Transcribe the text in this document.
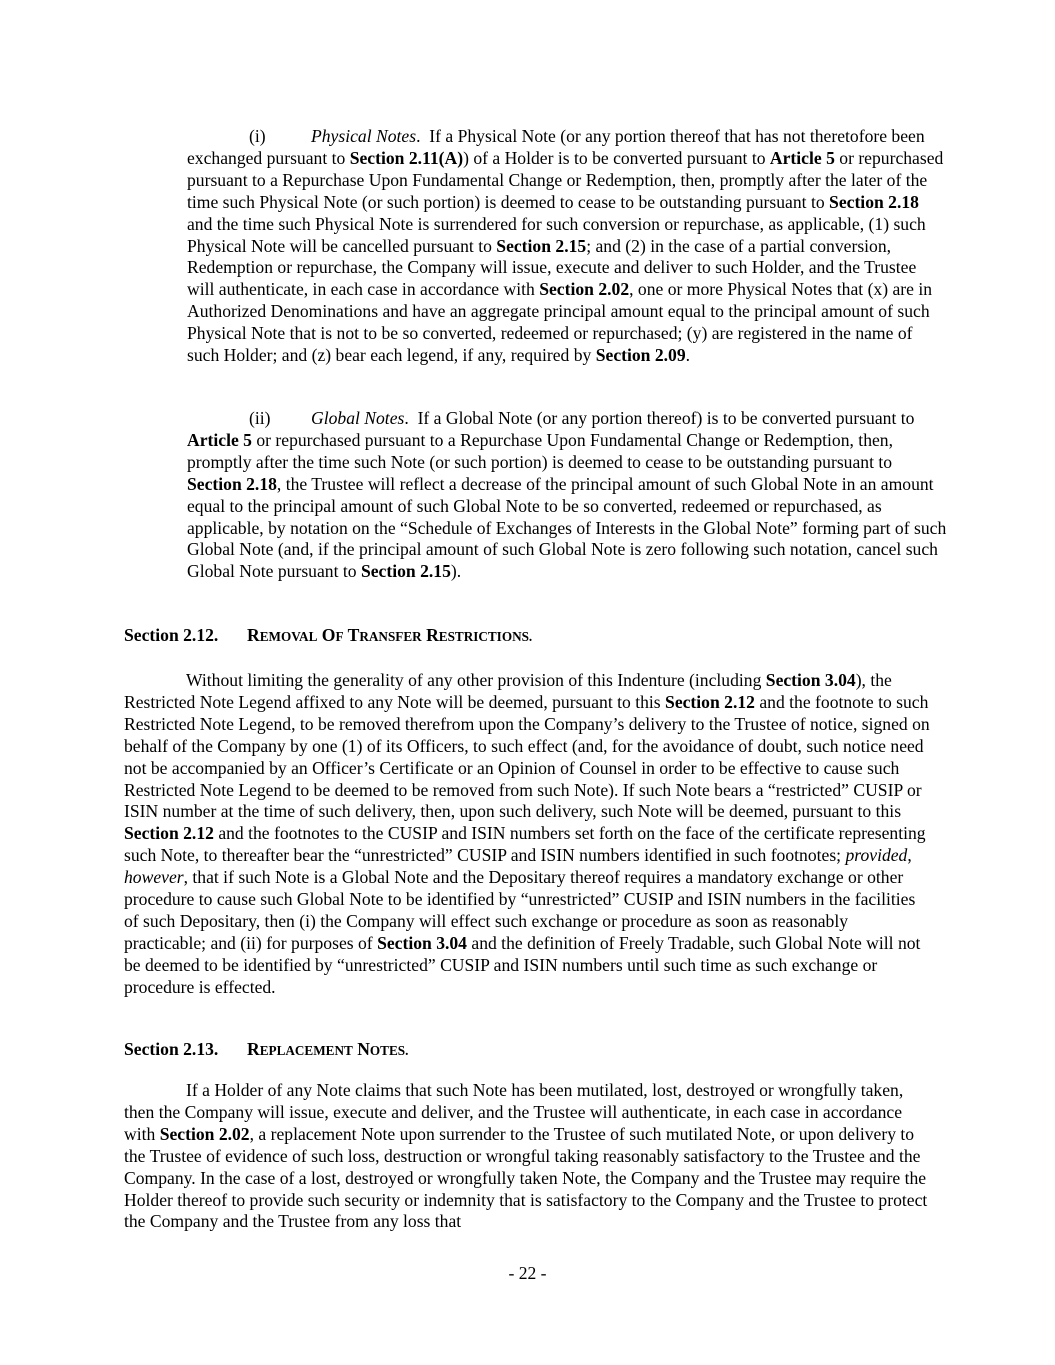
(i)	Physical Notes.  If a Physical Note (or any portion thereof that has not theretofore been exchanged pursuant to Section 2.11(A)) of a Holder is to be converted pursuant to Article 5 or repurchased pursuant to a Repurchase Upon Fundamental Change or Redemption, then, promptly after the later of the time such Physical Note (or such portion) is deemed to cease to be outstanding pursuant to Section 2.18 and the time such Physical Note is surrendered for such conversion or repurchase, as applicable, (1) such Physical Note will be cancelled pursuant to Section 2.15; and (2) in the case of a partial conversion, Redemption or repurchase, the Company will issue, execute and deliver to such Holder, and the Trustee will authenticate, in each case in accordance with Section 2.02, one or more Physical Notes that (x) are in Authorized Denominations and have an aggregate principal amount equal to the principal amount of such Physical Note that is not to be so converted, redeemed or repurchased; (y) are registered in the name of such Holder; and (z) bear each legend, if any, required by Section 2.09.

(ii) Global Notes.  If a Global Note (or any portion thereof) is to be converted pursuant to Article 5 or repurchased pursuant to a Repurchase Upon Fundamental Change or Redemption, then, promptly after the time such Note (or such portion) is deemed to cease to be outstanding pursuant to Section 2.18, the Trustee will reflect a decrease of the principal amount of such Global Note in an amount equal to the principal amount of such Global Note to be so converted, redeemed or repurchased, as applicable, by notation on the “Schedule of Exchanges of Interests in the Global Note” forming part of such Global Note (and, if the principal amount of such Global Note is zero following such notation, cancel such Global Note pursuant to Section 2.15).

Section 2.12. REMOVAL OF TRANSFER RESTRICTIONS.

Without limiting the generality of any other provision of this Indenture (including Section 3.04), the Restricted Note Legend affixed to any Note will be deemed, pursuant to this Section 2.12 and the footnote to such Restricted Note Legend, to be removed therefrom upon the Company’s delivery to the Trustee of notice, signed on behalf of the Company by one (1) of its Officers, to such effect (and, for the avoidance of doubt, such notice need not be accompanied by an Officer’s Certificate or an Opinion of Counsel in order to be effective to cause such Restricted Note Legend to be deemed to be removed from such Note). If such Note bears a “restricted” CUSIP or ISIN number at the time of such delivery, then, upon such delivery, such Note will be deemed, pursuant to this Section 2.12 and the footnotes to the CUSIP and ISIN numbers set forth on the face of the certificate representing such Note, to thereafter bear the “unrestricted” CUSIP and ISIN numbers identified in such footnotes; provided, however, that if such Note is a Global Note and the Depositary thereof requires a mandatory exchange or other procedure to cause such Global Note to be identified by “unrestricted” CUSIP and ISIN numbers in the facilities of such Depositary, then (i) the Company will effect such exchange or procedure as soon as reasonably practicable; and (ii) for purposes of Section 3.04 and the definition of Freely Tradable, such Global Note will not be deemed to be identified by “unrestricted” CUSIP and ISIN numbers until such time as such exchange or procedure is effected.

Section 2.13. REPLACEMENT NOTES.

If a Holder of any Note claims that such Note has been mutilated, lost, destroyed or wrongfully taken, then the Company will issue, execute and deliver, and the Trustee will authenticate, in each case in accordance with Section 2.02, a replacement Note upon surrender to the Trustee of such mutilated Note, or upon delivery to the Trustee of evidence of such loss, destruction or wrongful taking reasonably satisfactory to the Trustee and the Company. In the case of a lost, destroyed or wrongfully taken Note, the Company and the Trustee may require the Holder thereof to provide such security or indemnity that is satisfactory to the Company and the Trustee to protect the Company and the Trustee from any loss that

- 22 -
